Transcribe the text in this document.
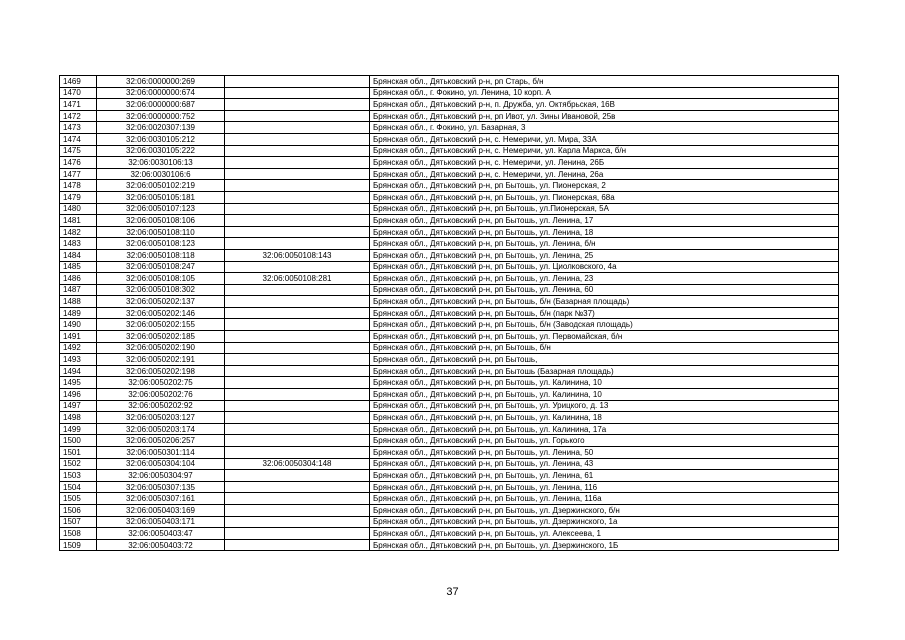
1469	32:06:0000000:269		Брянская обл., Дятьковский р-н, рп Старь, б/н
1470	32:06:0000000:674		Брянская обл., г. Фокино, ул. Ленина, 10 корп. А
1471	32:06:0000000:687		Брянская обл., Дятьковский р-н, п. Дружба, ул. Октябрьская, 16В
1472	32:06:0000000:752		Брянская обл., Дятьковский р-н, рп Ивот, ул. Зины Ивановой, 25в
1473	32:06:0020307:139		Брянская обл., г. Фокино, ул. Базарная, 3
1474	32:06:0030105:212		Брянская обл., Дятьковский р-н, с. Немеричи, ул. Мира, 33А
1475	32:06:0030105:222		Брянская обл., Дятьковский р-н, с. Немеричи, ул. Карла Маркса, б/н
1476	32:06:0030106:13		Брянская обл., Дятьковский р-н, с. Немеричи, ул. Ленина, 26Б
1477	32:06:0030106:6		Брянская обл., Дятьковский р-н, с. Немеричи, ул. Ленина, 26а
1478	32:06:0050102:219		Брянская обл., Дятьковский р-н, рп Бытошь, ул. Пионерская, 2
1479	32:06:0050105:181		Брянская обл., Дятьковский р-н, рп Бытошь, ул. Пионерская, 68а
1480	32:06:0050107:123		Брянская обл., Дятьковский р-н, рп Бытошь, ул.Пионерская, 5А
1481	32:06:0050108:106		Брянская обл., Дятьковский р-н, рп Бытошь, ул. Ленина, 17
1482	32:06:0050108:110		Брянская обл., Дятьковский р-н, рп Бытошь, ул. Ленина, 18
1483	32:06:0050108:123		Брянская обл., Дятьковский р-н, рп Бытошь, ул. Ленина, б/н
1484	32:06:0050108:118	32:06:0050108:143	Брянская обл., Дятьковский р-н, рп Бытошь, ул. Ленина, 25
1485	32:06:0050108:247		Брянская обл., Дятьковский р-н, рп Бытошь, ул. Циолковского, 4а
1486	32:06:0050108:105	32:06:0050108:281	Брянская обл., Дятьковский р-н, рп Бытошь, ул. Ленина, 23
1487	32:06:0050108:302		Брянская обл., Дятьковский р-н, рп Бытошь, ул. Ленина, 60
1488	32:06:0050202:137		Брянская обл., Дятьковский р-н, рп Бытошь, б/н (Базарная площадь)
1489	32:06:0050202:146		Брянская обл., Дятьковский р-н, рп Бытошь, б/н (парк №37)
1490	32:06:0050202:155		Брянская обл., Дятьковский р-н, рп Бытошь, б/н (Заводская площадь)
1491	32:06:0050202:185		Брянская обл., Дятьковский р-н, рп Бытошь, ул. Первомайская, б/н
1492	32:06:0050202:190		Брянская обл., Дятьковский р-н, рп Бытошь, б/н
1493	32:06:0050202:191		Брянская обл., Дятьковский р-н, рп Бытошь,
1494	32:06:0050202:198		Брянская обл., Дятьковский р-н, рп Бытошь (Базарная площадь)
1495	32:06:0050202:75		Брянская обл., Дятьковский р-н, рп Бытошь, ул. Калинина, 10
1496	32:06:0050202:76		Брянская обл., Дятьковский р-н, рп Бытошь, ул. Калинина, 10
1497	32:06:0050202:92		Брянская обл., Дятьковский р-н, рп Бытошь, ул. Урицкого, д. 13
1498	32:06:0050203:127		Брянская обл., Дятьковский р-н, рп Бытошь, ул. Калинина, 18
1499	32:06:0050203:174		Брянская обл., Дятьковский р-н, рп Бытошь, ул. Калинина, 17а
1500	32:06:0050206:257		Брянская обл., Дятьковский р-н, рп Бытошь, ул. Горького
1501	32:06:0050301:114		Брянская обл., Дятьковский р-н, рп Бытошь, ул. Ленина, 50
1502	32:06:0050304:104	32:06:0050304:148	Брянская обл., Дятьковский р-н, рп Бытошь, ул. Ленина, 43
1503	32:06:0050304:97		Брянская обл., Дятьковский р-н, рп Бытошь, ул. Ленина, 61
1504	32:06:0050307:135		Брянская обл., Дятьковский р-н, рп Бытошь, ул. Ленина, 116
1505	32:06:0050307:161		Брянская обл., Дятьковский р-н, рп Бытошь, ул. Ленина, 116а
1506	32:06:0050403:169		Брянская обл., Дятьковский р-н, рп Бытошь, ул. Дзержинского, б/н
1507	32:06:0050403:171		Брянская обл., Дятьковский р-н, рп Бытошь, ул. Дзержинского, 1а
1508	32:06:0050403:47		Брянская обл., Дятьковский р-н, рп Бытошь, ул. Алексеева, 1
1509	32:06:0050403:72		Брянская обл., Дятьковский р-н, рп Бытошь, ул. Дзержинского, 1Б
37
